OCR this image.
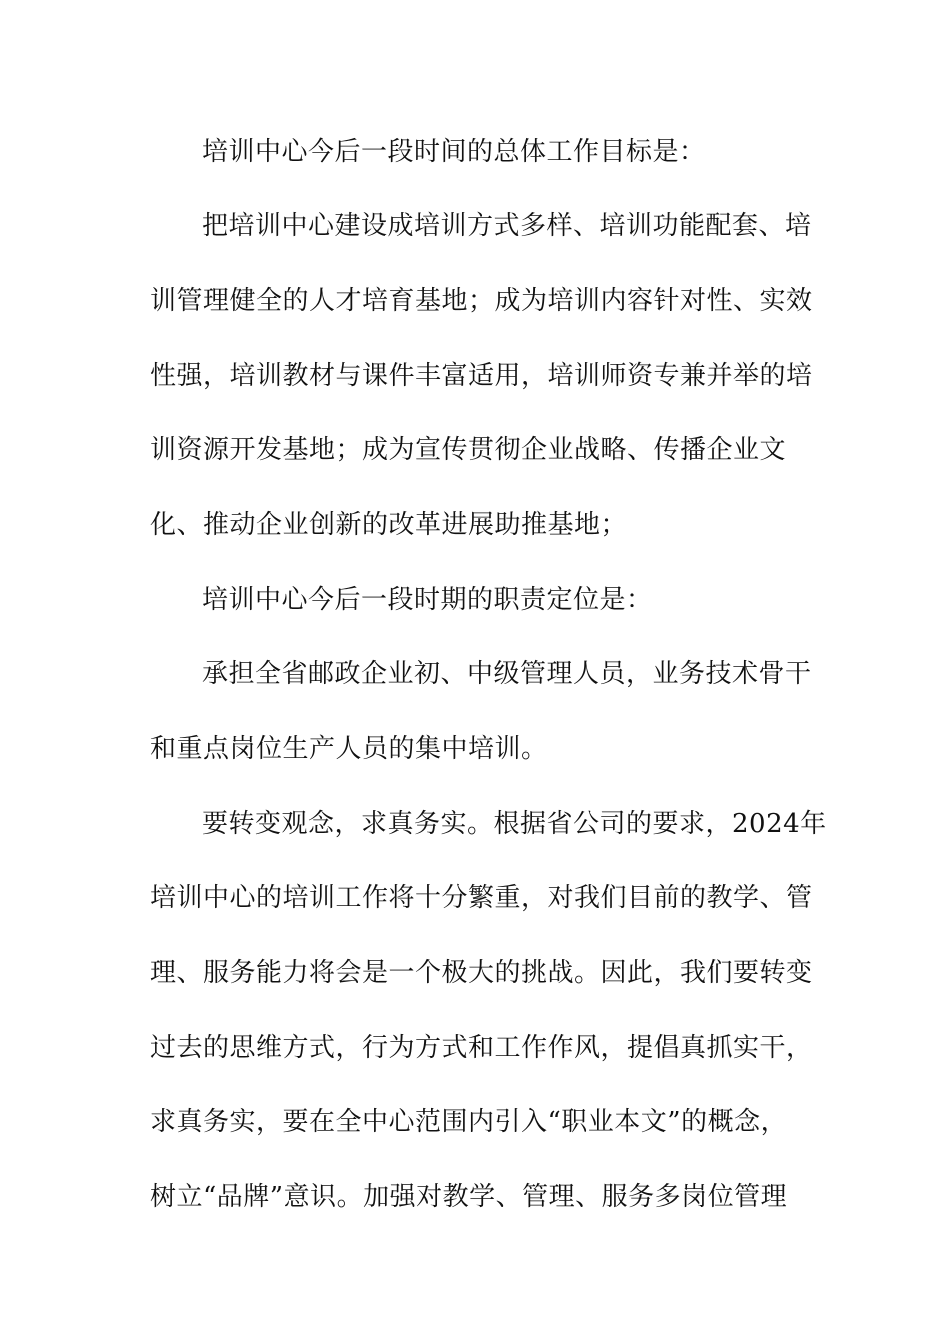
培训中心今后一段时间的总体工作目标是：
把培训中心建设成培训方式多样、培训功能配套、培
训管理健全的人才培育基地；成为培训内容针对性、实效
性强，培训教材与课件丰富适用，培训师资专兼并举的培
训资源开发基地；成为宣传贯彻企业战略、传播企业文
化、推动企业创新的改革进展助推基地；
培训中心今后一段时期的职责定位是：
承担全省邮政企业初、中级管理人员，业务技术骨干
和重点岗位生产人员的集中培训。
要转变观念，求真务实。根据省公司的要求，2024年
培训中心的培训工作将十分繁重，对我们目前的教学、管
理、服务能力将会是一个极大的挑战。因此，我们要转变
过去的思维方式，行为方式和工作作风，提倡真抓实干，
求真务实，要在全中心范围内引入“职业本文”的概念，
树立“品牌”意识。加强对教学、管理、服务多岗位管理
